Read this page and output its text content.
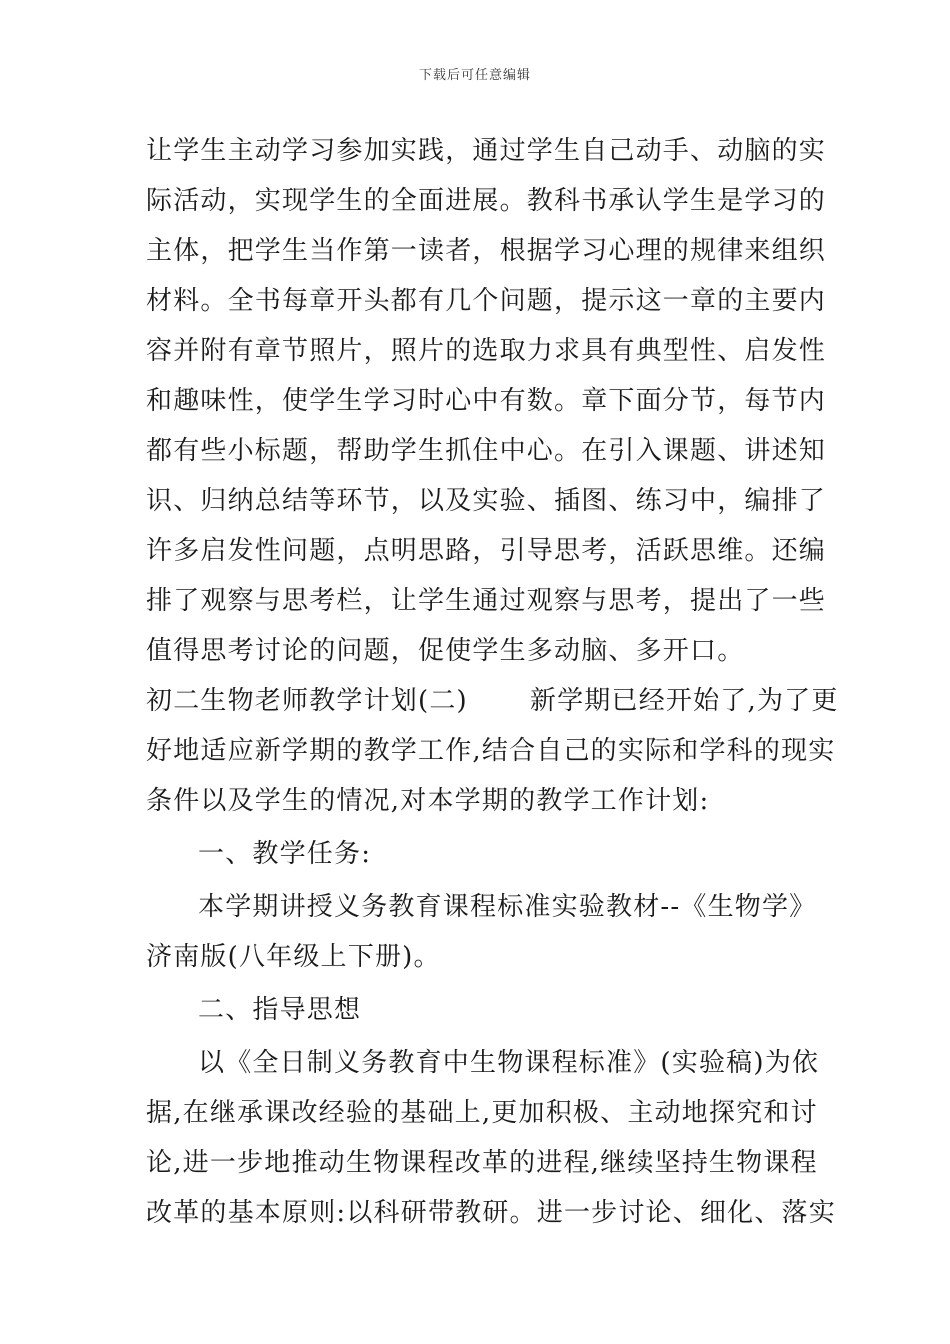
下载后可任意编辑
让学生主动学习参加实践，通过学生自己动手、动脑的实
际活动，实现学生的全面进展。教科书承认学生是学习的
主体，把学生当作第一读者，根据学习心理的规律来组织
材料。全书每章开头都有几个问题，提示这一章的主要内
容并附有章节照片，照片的选取力求具有典型性、启发性
和趣味性，使学生学习时心中有数。章下面分节，每节内
都有些小标题，帮助学生抓住中心。在引入课题、讲述知
识、归纳总结等环节，以及实验、插图、练习中，编排了
许多启发性问题，点明思路，引导思考，活跃思维。还编
排了观察与思考栏，让学生通过观察与思考，提出了一些
值得思考讨论的问题，促使学生多动脑、多开口。
初二生物老师教学计划(二) 新学期已经开始了,为了更
好地适应新学期的教学工作,结合自己的实际和学科的现实
条件以及学生的情况,对本学期的教学工作计划:
一、教学任务:
本学期讲授义务教育课程标准实验教材--《生物学》
济南版(八年级上下册)。
二、指导思想
以《全日制义务教育中生物课程标准》(实验稿)为依
据,在继承课改经验的基础上,更加积极、主动地探究和讨
论,进一步地推动生物课程改革的进程,继续坚持生物课程
改革的基本原则:以科研带教研。进一步讨论、细化、落实
